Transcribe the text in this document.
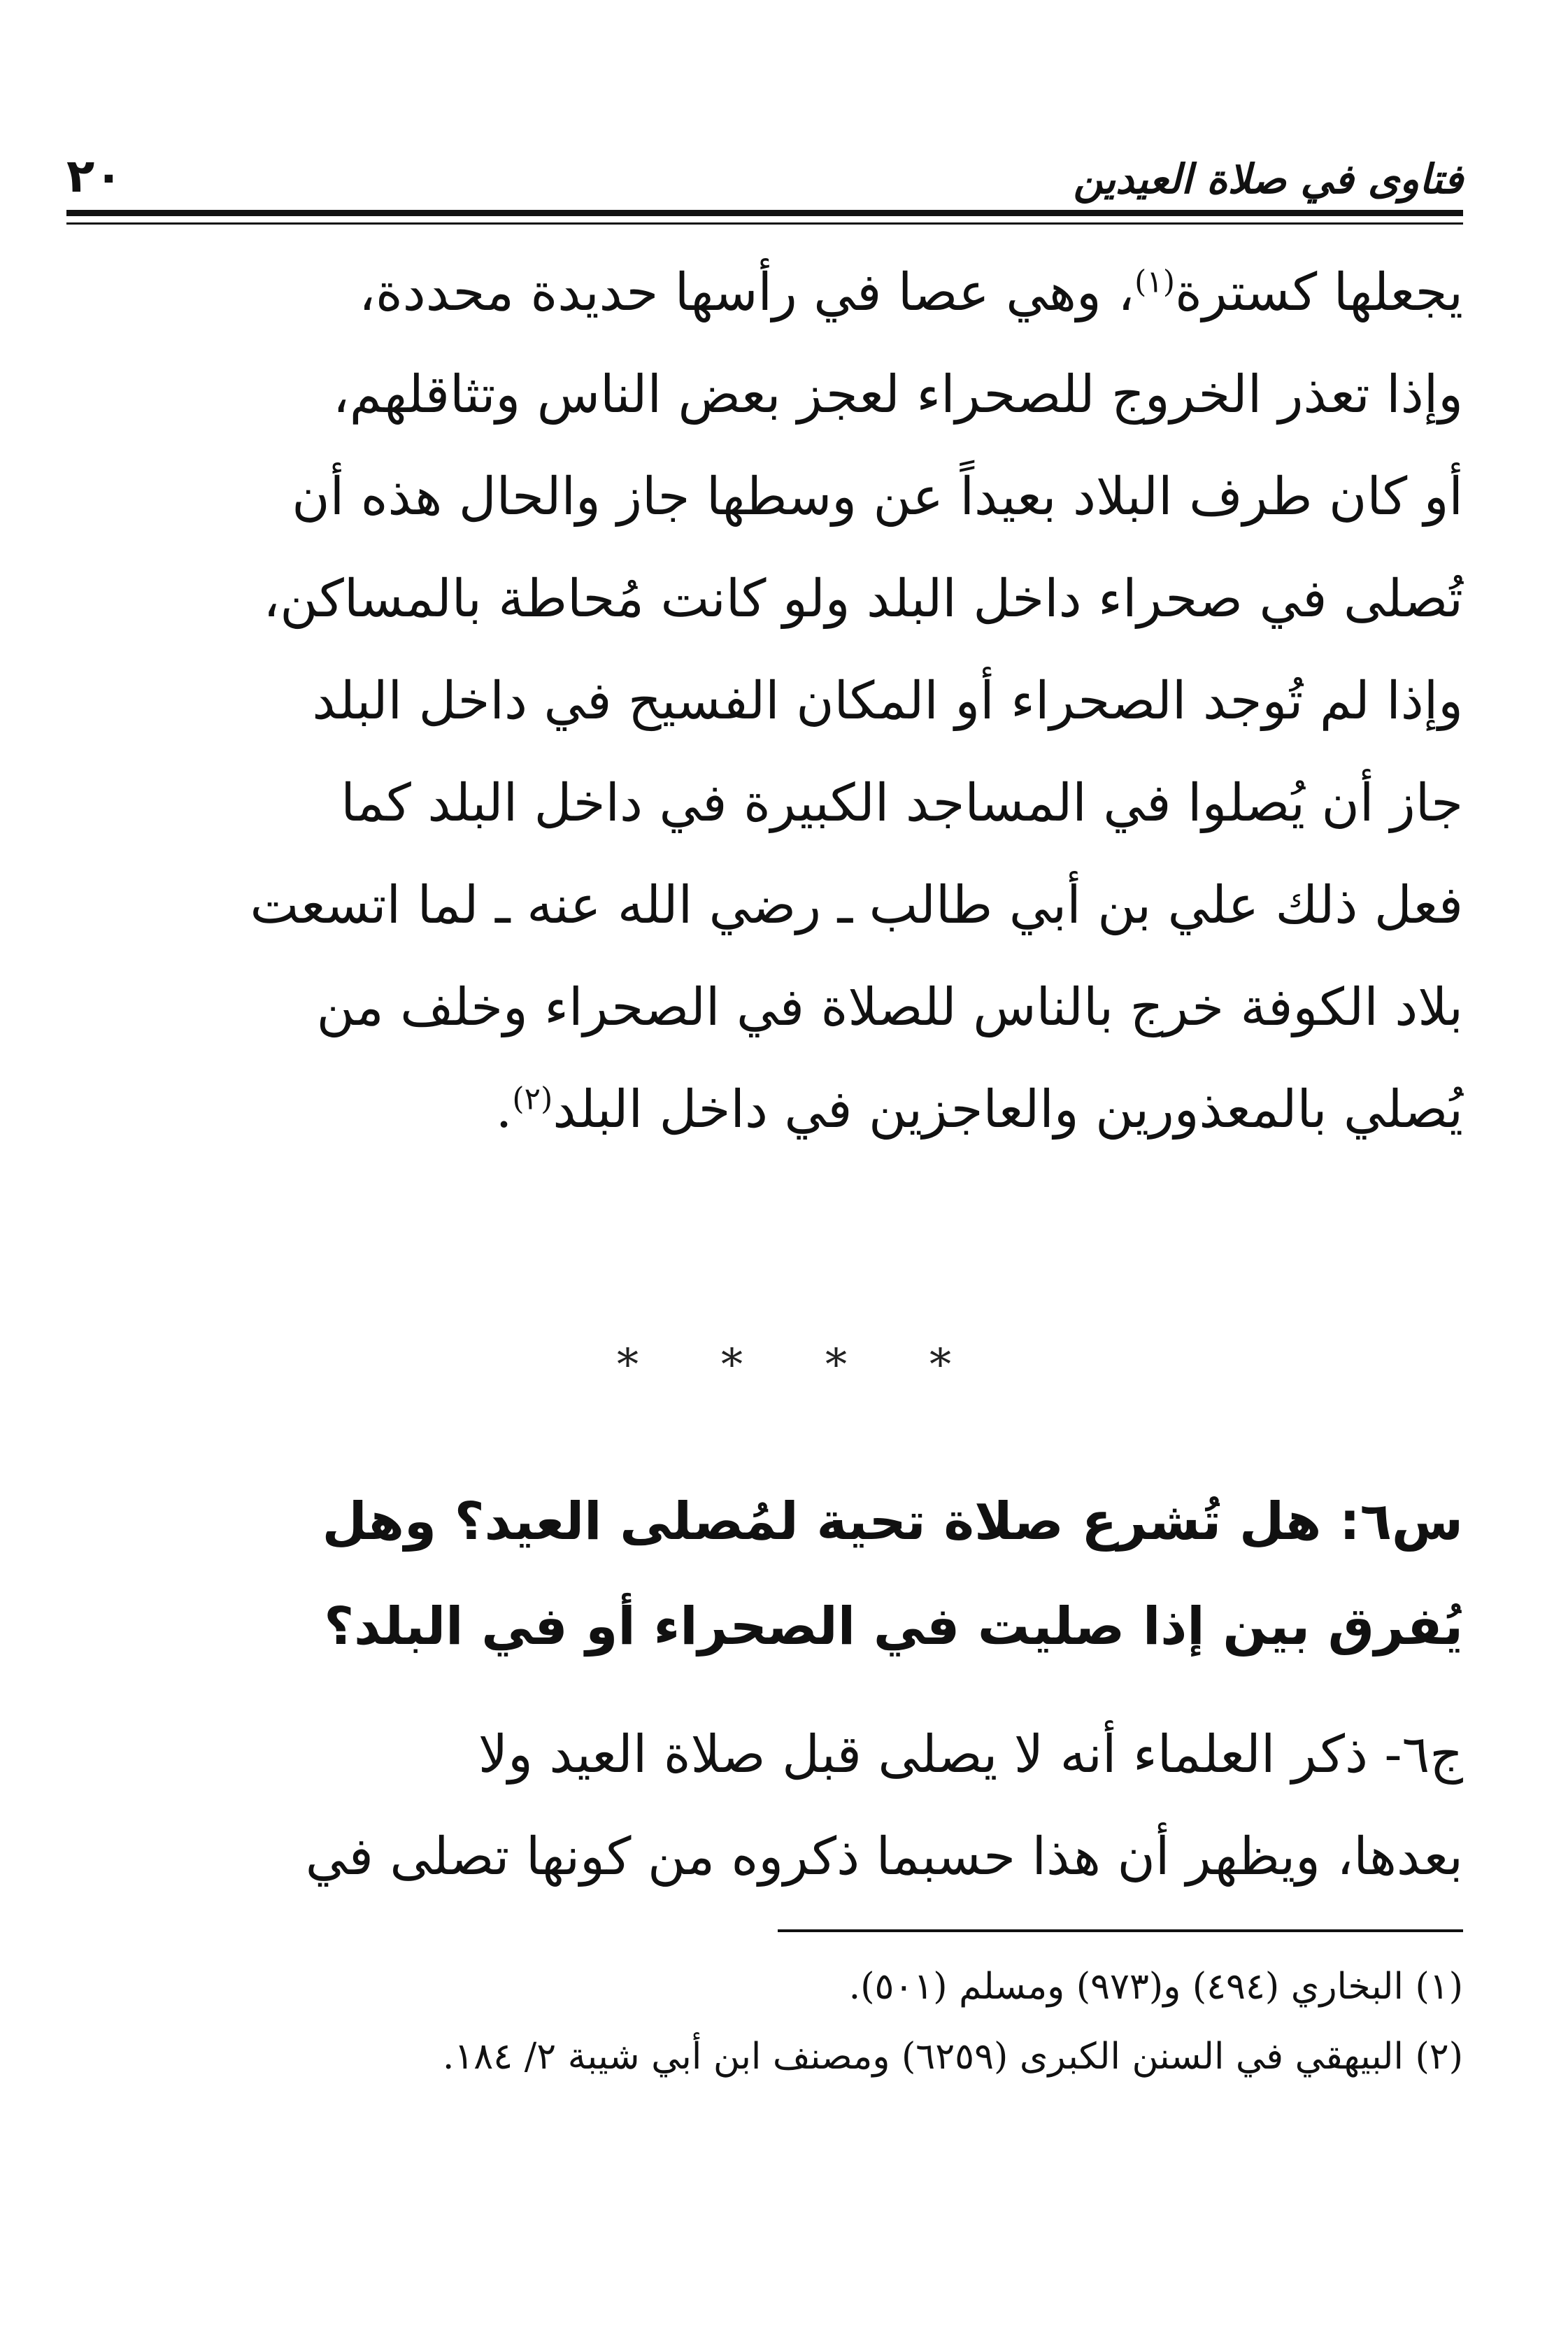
فتاوى في صلاة العيدين
٢٠

يجعلها كسترة$^{(١)}$، وهي عصا في رأسها حديدة محددة،
وإذا تعذر الخروج للصحراء لعجز بعض الناس وتثاقلهم،
أو كان طرف البلاد بعيداً عن وسطها جاز والحال هذه أن
تُصلى في صحراء داخل البلد ولو كانت مُحاطة بالمساكن،
وإذا لم تُوجد الصحراء أو المكان الفسيح في داخل البلد
جاز أن يُصلوا في المساجد الكبيرة في داخل البلد كما
فعل ذلك علي بن أبي طالب ـ رضي الله عنه ـ لما اتسعت
بلاد الكوفة خرج بالناس للصلاة في الصحراء وخلف من
يُصلي بالمعذورين والعاجزين في داخل البلد$^{(٢)}$.

*
*
*
*
س٦: هل تُشرع صلاة تحية لمُصلى العيد؟ وهل
يُفرق بين إذا صليت في الصحراء أو في البلد؟
ج٦- ذكر العلماء أنه لا يصلى قبل صلاة العيد ولا
بعدها، ويظهر أن هذا حسبما ذكروه من كونها تصلى في
(١) البخاري (٤٩٤) و(٩٧٣) ومسلم (٥٠١).
(٢) البيهقي في السنن الكبرى (٦٢٥٩) ومصنف ابن أبي شيبة ٢/ ١٨٤.
